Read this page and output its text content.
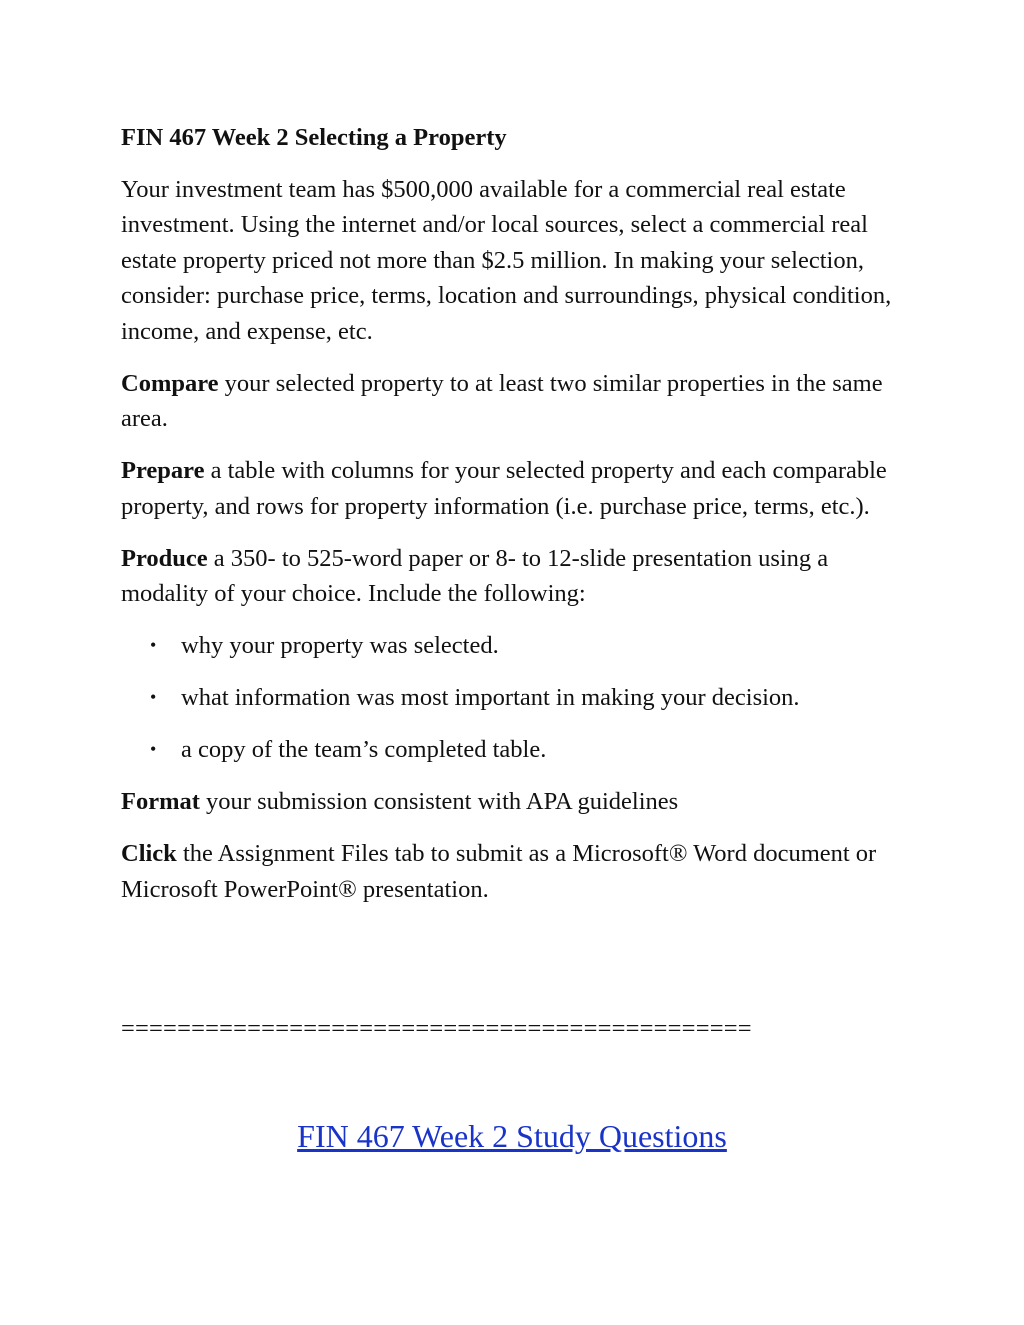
FIN 467 Week 2 Selecting a Property
Your investment team has $500,000 available for a commercial real estate investment. Using the internet and/or local sources, select a commercial real estate property priced not more than $2.5 million. In making your selection, consider: purchase price, terms, location and surroundings, physical condition, income, and expense, etc.
Compare your selected property to at least two similar properties in the same area.
Prepare a table with columns for your selected property and each comparable property, and rows for property information (i.e. purchase price, terms, etc.).
Produce a 350- to 525-word paper or 8- to 12-slide presentation using a modality of your choice. Include the following:
• why your property was selected.
• what information was most important in making your decision.
• a copy of the team’s completed table.
Format your submission consistent with APA guidelines
Click the Assignment Files tab to submit as a Microsoft® Word document or Microsoft PowerPoint® presentation.
=============================================
FIN 467 Week 2 Study Questions
